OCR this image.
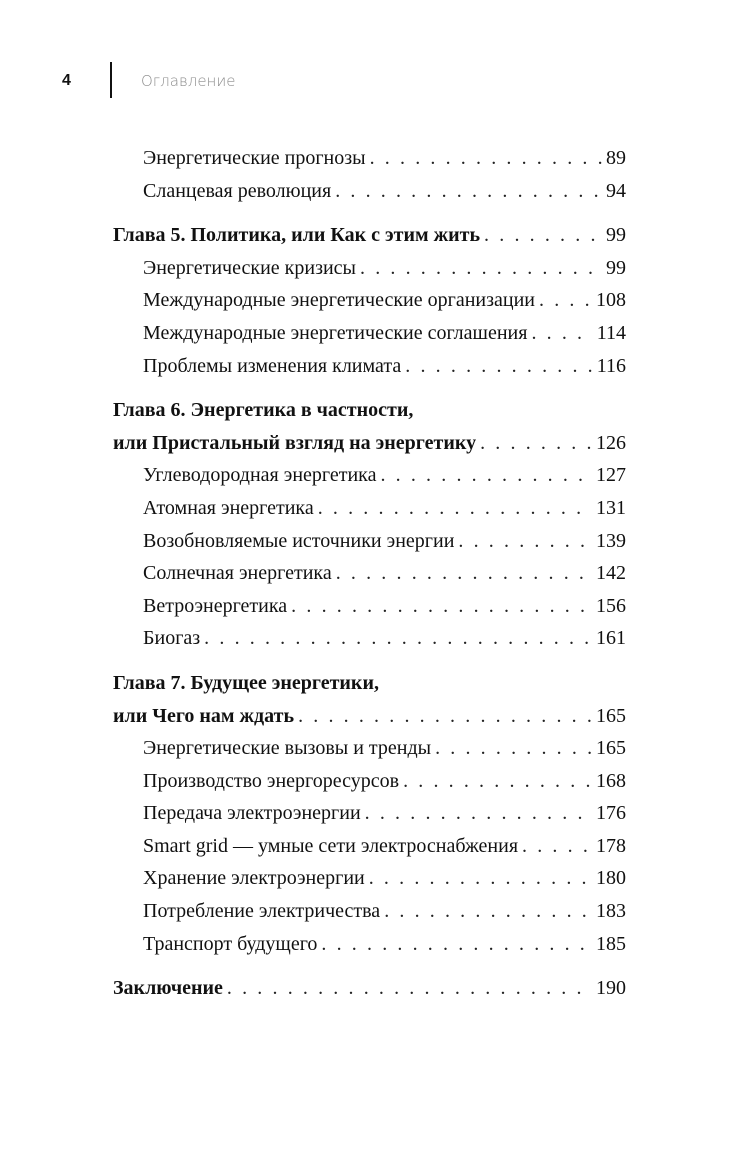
4	Оглавление
Энергетические прогнозы . . .	89
Сланцевая революция . . .	94
Глава 5. Политика, или Как с этим жить . . .	99
Энергетические кризисы . . .	99
Международные энергетические организации . . .	108
Международные энергетические соглашения . . .	114
Проблемы изменения климата . . .	116
Глава 6. Энергетика в частности,
или Пристальный взгляд на энергетику . . .	126
Углеводородная энергетика . . .	127
Атомная энергетика . . .	131
Возобновляемые источники энергии . . .	139
Солнечная энергетика . . .	142
Ветроэнергетика . . .	156
Биогаз . . .	161
Глава 7. Будущее энергетики,
или Чего нам ждать . . .	165
Энергетические вызовы и тренды . . .	165
Производство энергоресурсов . . .	168
Передача электроэнергии . . .	176
Smart grid — умные сети электроснабжения . . .	178
Хранение электроэнергии . . .	180
Потребление электричества . . .	183
Транспорт будущего . . .	185
Заключение . . .	190
